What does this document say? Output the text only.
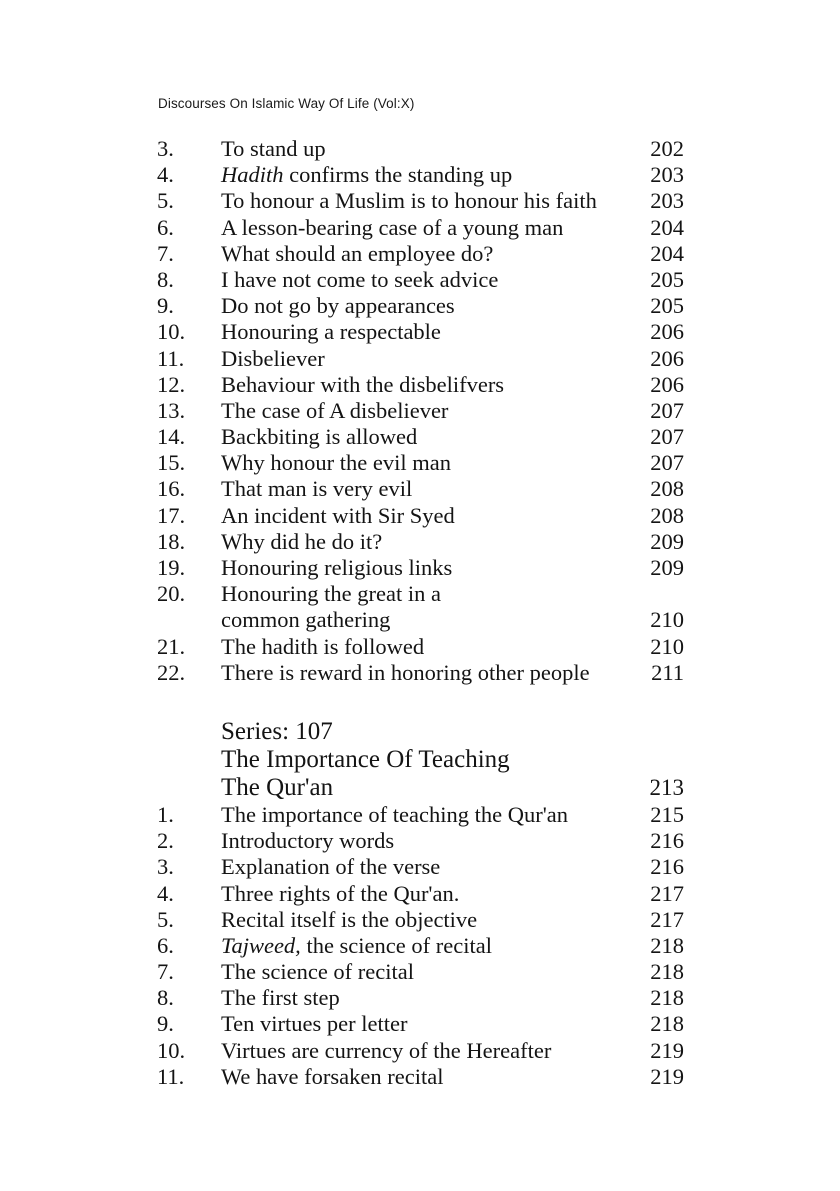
Discourses On Islamic Way Of Life (Vol:X)
3. To stand up	202
4. Hadith confirms the standing up	203
5. To honour a Muslim is to honour his faith 203
6. A lesson-bearing case of a young man	204
7. What should an employee do?	204
8. I have not come to seek advice	205
9. Do not go by appearances	205
10. Honouring a respectable	206
11. Disbeliever	206
12. Behaviour with the disbelifvers	206
13. The case of A disbeliever	207
14. Backbiting is allowed	207
15. Why honour the evil man	207
16. That man is very evil	208
17. An incident with Sir Syed	208
18. Why did he do it?	209
19. Honouring religious links	209
20. Honouring the great in a
common gathering	210
21. The hadith is followed	210
22. There is reward in honoring other people	211
Series: 107
The Importance Of Teaching
The Qur'an	213
1. The importance of teaching the Qur'an	215
2. Introductory words	216
3. Explanation of the verse	216
4. Three rights of the Qur'an.	217
5. Recital itself is the objective	217
6. Tajweed, the science of recital	218
7. The science of recital	218
8. The first step	218
9. Ten virtues per letter	218
10. Virtues are currency of the Hereafter	219
11. We have forsaken recital	219
